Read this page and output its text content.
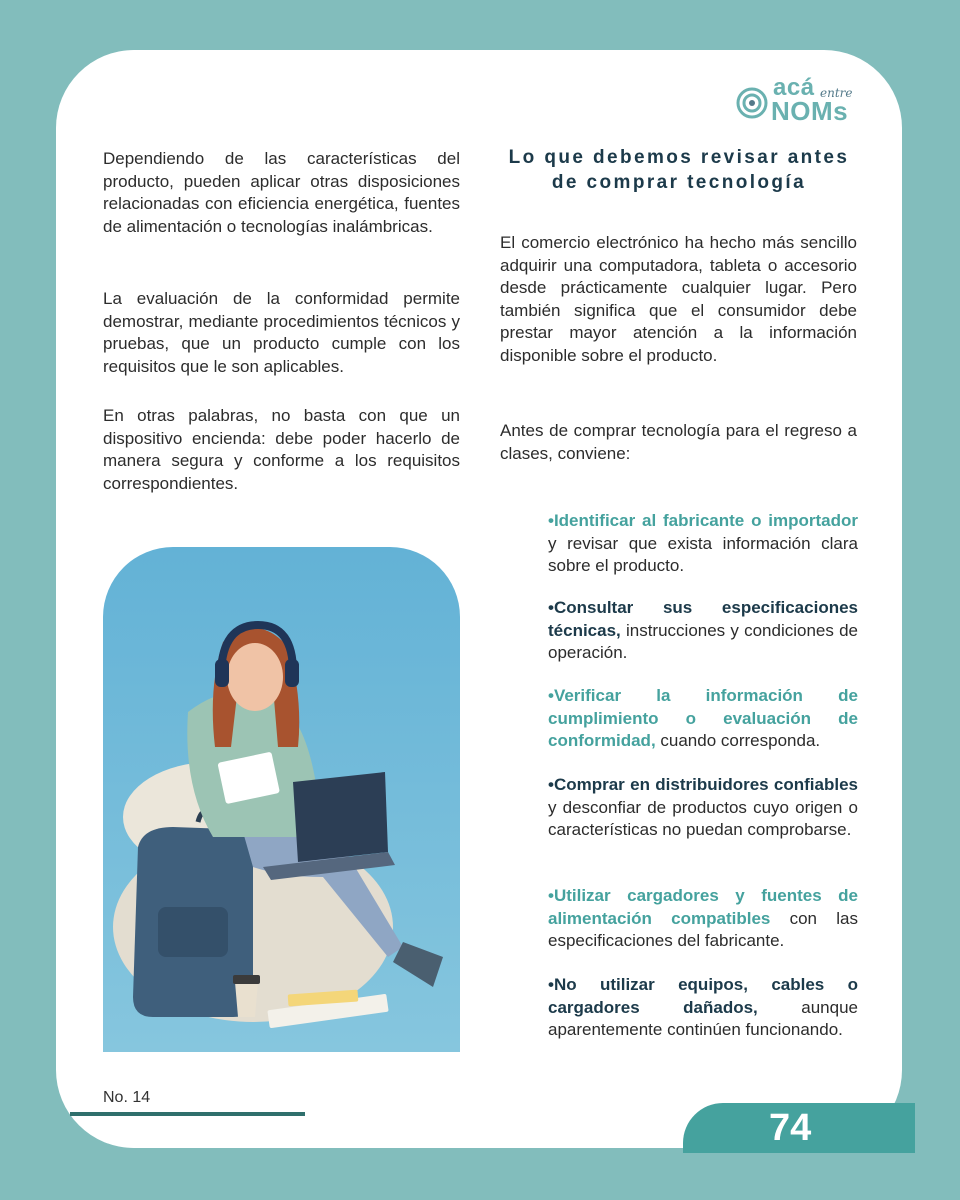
acá entre
NOMs

Dependiendo de las características del producto, pueden aplicar otras disposiciones relacionadas con eficiencia energética, fuentes de alimentación o tecnologías inalámbricas.

La evaluación de la conformidad permite demostrar, mediante procedimientos técnicos y pruebas, que un producto cumple con los requisitos que le son aplicables.

En otras palabras, no basta con que un dispositivo encienda: debe poder hacerlo de manera segura y conforme a los requisitos correspondientes.

Lo que debemos revisar antes
de comprar tecnología

El comercio electrónico ha hecho más sencillo adquirir una computadora, tableta o accesorio desde prácticamente cualquier lugar. Pero también significa que el consumidor debe prestar mayor atención a la información disponible sobre el producto.

Antes de comprar tecnología para el regreso a clases, conviene:

•Identificar al fabricante o importador y revisar que exista información clara sobre el producto.

•Consultar sus especificaciones técnicas, instrucciones y condiciones de operación.

•Verificar la información de cumplimiento o evaluación de conformidad, cuando corresponda.

•Comprar en distribuidores confiables y desconfiar de productos cuyo origen o características no puedan comprobarse.

•Utilizar cargadores y fuentes de alimentación compatibles con las especificaciones del fabricante.

•No utilizar equipos, cables o cargadores dañados, aunque aparentemente continúen funcionando.

No. 14
74
